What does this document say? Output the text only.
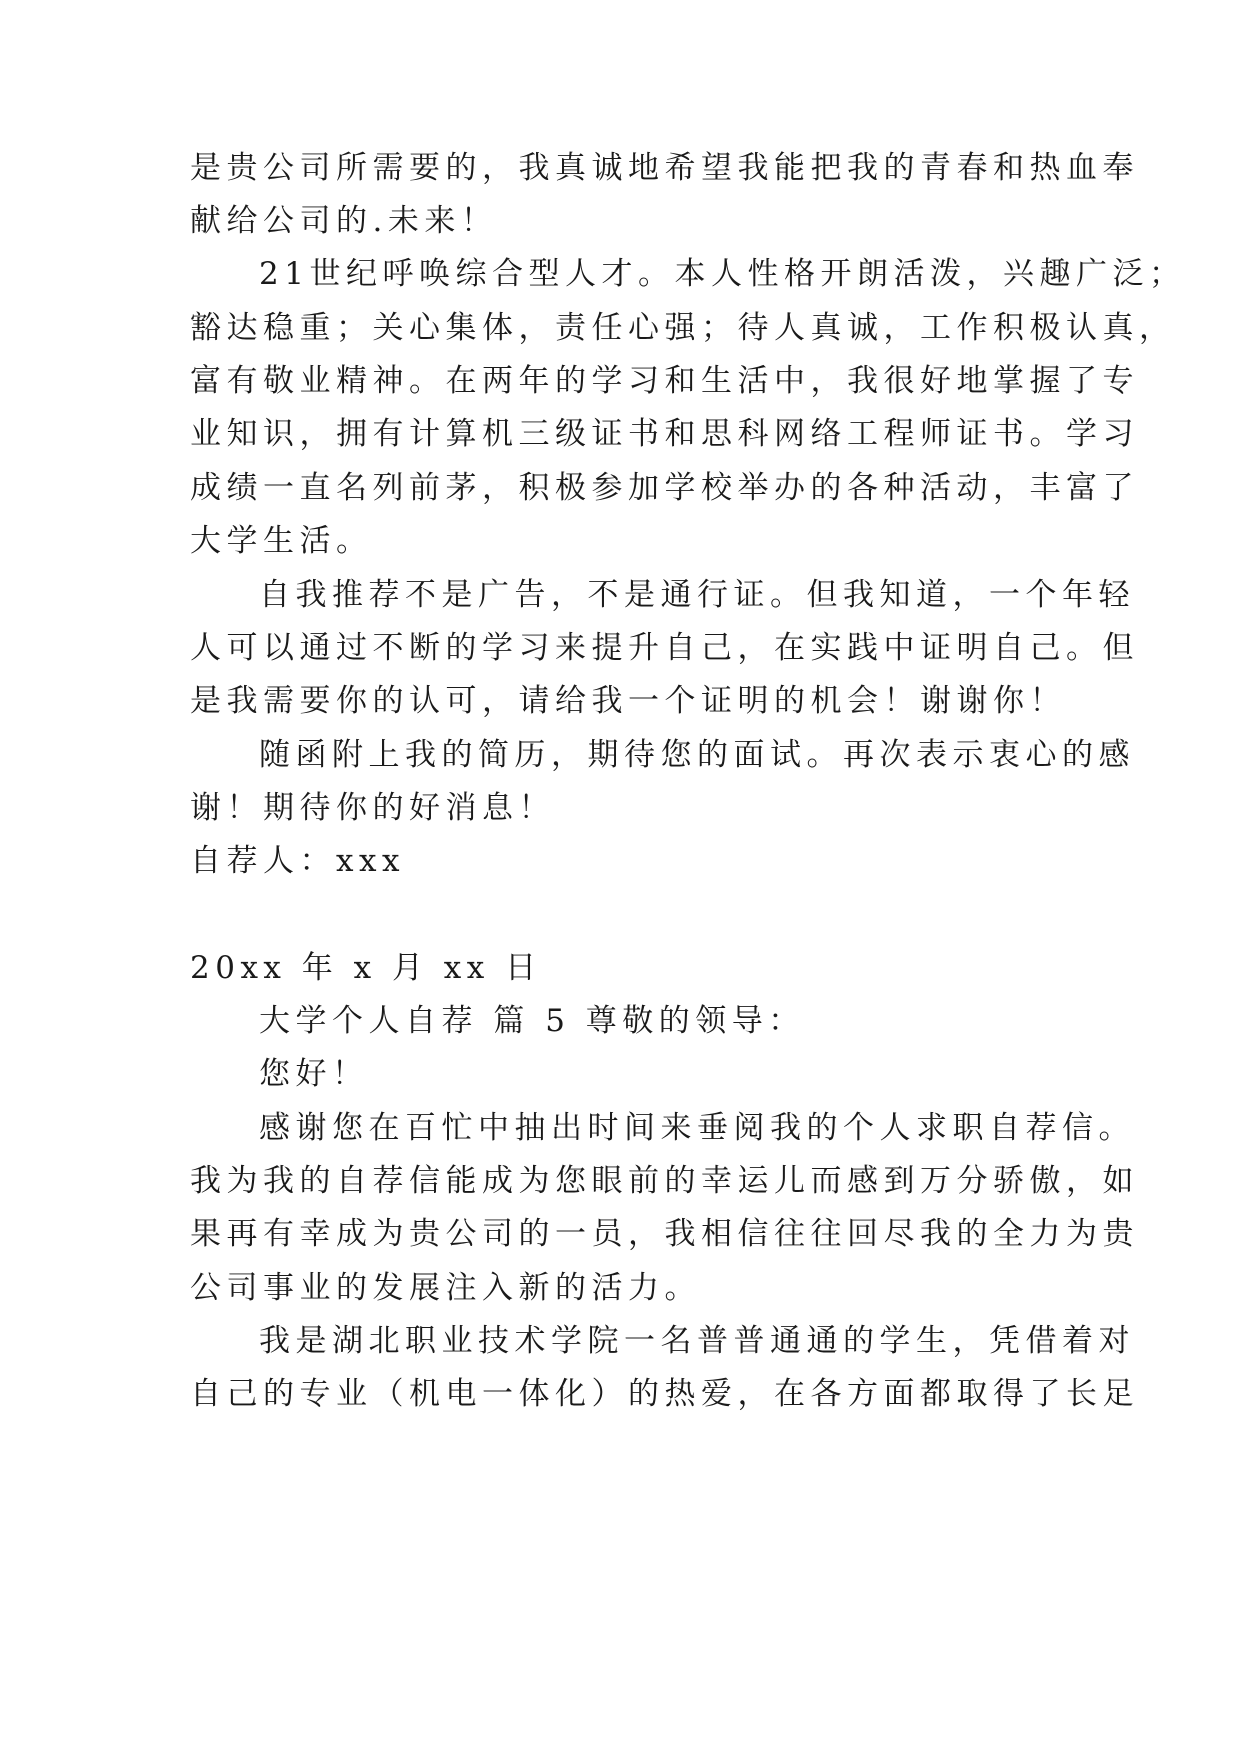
是贵公司所需要的，我真诚地希望我能把我的青春和热血奉
献给公司的.未来！
21世纪呼唤综合型人才。本人性格开朗活泼，兴趣广泛；
豁达稳重；关心集体，责任心强；待人真诚，工作积极认真，
富有敬业精神。在两年的学习和生活中，我很好地掌握了专
业知识，拥有计算机三级证书和思科网络工程师证书。学习
成绩一直名列前茅，积极参加学校举办的各种活动，丰富了
大学生活。
自我推荐不是广告，不是通行证。但我知道，一个年轻
人可以通过不断的学习来提升自己，在实践中证明自己。但
是我需要你的认可，请给我一个证明的机会！谢谢你！
随函附上我的简历，期待您的面试。再次表示衷心的感
谢！期待你的好消息！
自荐人：xxx
20xx 年 x 月 xx 日
大学个人自荐 篇 5 尊敬的领导：
您好！
感谢您在百忙中抽出时间来垂阅我的个人求职自荐信。
我为我的自荐信能成为您眼前的幸运儿而感到万分骄傲，如
果再有幸成为贵公司的一员，我相信往往回尽我的全力为贵
公司事业的发展注入新的活力。
我是湖北职业技术学院一名普普通通的学生，凭借着对
自己的专业（机电一体化）的热爱，在各方面都取得了长足
